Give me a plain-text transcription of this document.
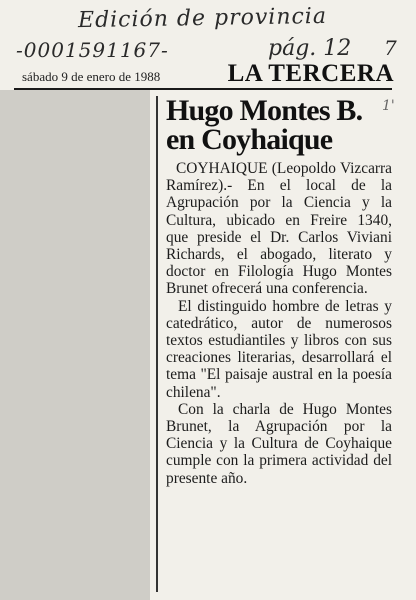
Edición de provincia
-0001591167-	pág. 12 7
1'
sábado 9 de enero de 1988	LA TERCERA
Hugo Montes B.
en Coyhaique
COYHAIQUE (Leopoldo Vizcarra Ramírez).- En el local de la Agrupación por la Ciencia y la Cultura, ubicado en Freire 1340, que preside el Dr. Carlos Viviani Richards, el abogado, literato y doctor en Filología Hugo Montes Brunet ofrecerá una conferencia.
El distinguido hombre de letras y catedrático, autor de numerosos textos estudiantiles y libros con sus creaciones literarias, desarrollará el tema "El paisaje austral en la poesía chilena".
Con la charla de Hugo Montes Brunet, la Agrupación por la Ciencia y la Cultura de Coyhaique cumple con la primera actividad del presente año.
